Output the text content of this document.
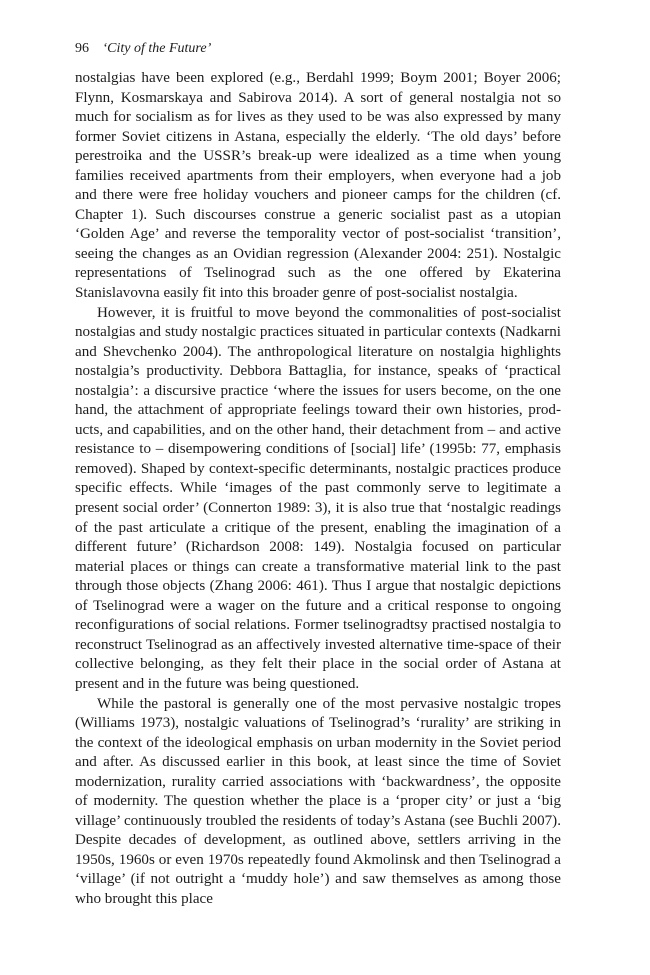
96 ‘City of the Future’

nostalgias have been explored (e.g., Berdahl 1999; Boym 2001; Boyer 2006; Flynn, Kosmarskaya and Sabirova 2014). A sort of general nostalgia not so much for socialism as for lives as they used to be was also expressed by many former Soviet citizens in Astana, especially the elderly. ‘The old days’ before perestroika and the USSR’s break-up were idealized as a time when young families received apartments from their employers, when everyone had a job and there were free holiday vouchers and pioneer camps for the children (cf. Chapter 1). Such discourses construe a generic socialist past as a utopian ‘Golden Age’ and reverse the temporality vector of post-socialist ‘transition’, seeing the changes as an Ovidian regression (Alexander 2004: 251). Nostalgic representations of Tselinograd such as the one offered by Ekaterina Stanislavovna easily fit into this broader genre of post-socialist nostalgia.

However, it is fruitful to move beyond the commonalities of post-socialist nostalgias and study nostalgic practices situated in particular contexts (Nadkarni and Shevchenko 2004). The anthropological literature on nostalgia highlights nostalgia’s productivity. Debbora Battaglia, for instance, speaks of ‘practical nostalgia’: a discursive practice ‘where the issues for users become, on the one hand, the attachment of appropriate feelings toward their own histories, products, and capabilities, and on the other hand, their detachment from – and active resistance to – disempowering conditions of [social] life’ (1995b: 77, emphasis removed). Shaped by context-specific determinants, nostalgic practices produce specific effects. While ‘images of the past commonly serve to legitimate a present social order’ (Connerton 1989: 3), it is also true that ‘nostalgic readings of the past articulate a critique of the present, enabling the imagination of a different future’ (Richardson 2008: 149). Nostalgia focused on particular material places or things can create a transformative material link to the past through those objects (Zhang 2006: 461). Thus I argue that nostalgic depictions of Tselinograd were a wager on the future and a critical response to ongoing reconfigurations of social relations. Former tselinogradtsy practised nostalgia to reconstruct Tselinograd as an affectively invested alternative time-space of their collective belonging, as they felt their place in the social order of Astana at present and in the future was being questioned.

While the pastoral is generally one of the most pervasive nostalgic tropes (Williams 1973), nostalgic valuations of Tselinograd’s ‘rurality’ are striking in the context of the ideological emphasis on urban modernity in the Soviet period and after. As discussed earlier in this book, at least since the time of Soviet modernization, rurality carried associations with ‘backwardness’, the opposite of modernity. The question whether the place is a ‘proper city’ or just a ‘big village’ continuously troubled the residents of today’s Astana (see Buchli 2007). Despite decades of development, as outlined above, settlers arriving in the 1950s, 1960s or even 1970s repeatedly found Akmolinsk and then Tselinograd a ‘village’ (if not outright a ‘muddy hole’) and saw themselves as among those who brought this place
